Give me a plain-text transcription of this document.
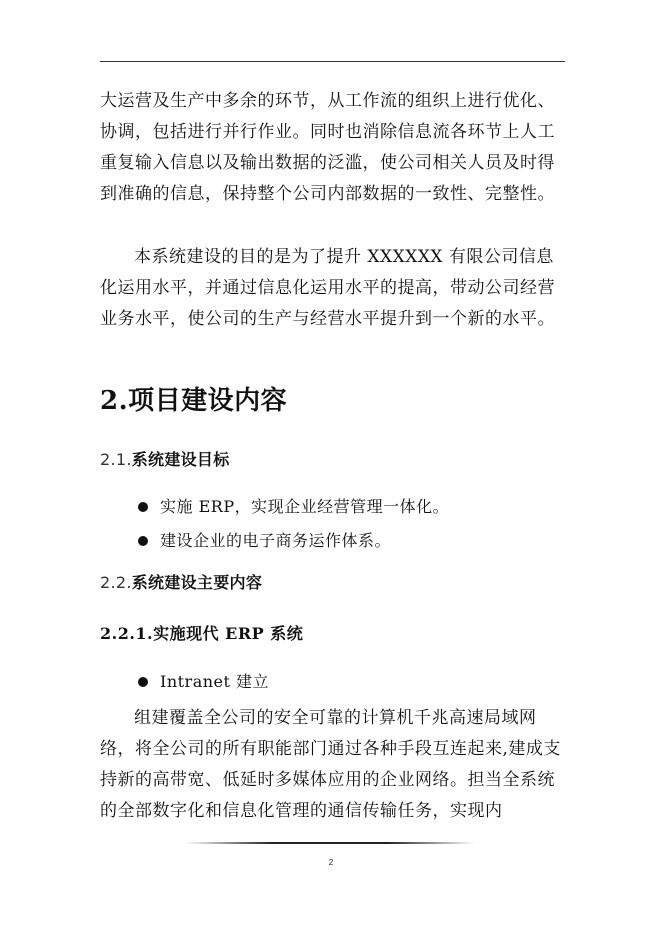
大运营及生产中多余的环节，从工作流的组织上进行优化、协调，包括进行并行作业。同时也消除信息流各环节上人工重复输入信息以及输出数据的泛滥，使公司相关人员及时得到准确的信息，保持整个公司内部数据的一致性、完整性。

本系统建设的目的是为了提升 XXXXXX 有限公司信息化运用水平，并通过信息化运用水平的提高，带动公司经营业务水平，使公司的生产与经营水平提升到一个新的水平。

2.项目建设内容
2.1.系统建设目标
实施 ERP，实现企业经营管理一体化。
建设企业的电子商务运作体系。
2.2.系统建设主要内容
2.2.1.实施现代 ERP 系统
Intranet 建立

组建覆盖全公司的安全可靠的计算机千兆高速局域网络，将全公司的所有职能部门通过各种手段互连起来,建成支持新的高带宽、低延时多媒体应用的企业网络。担当全系统的全部数字化和信息化管理的通信传输任务，实现内

2
